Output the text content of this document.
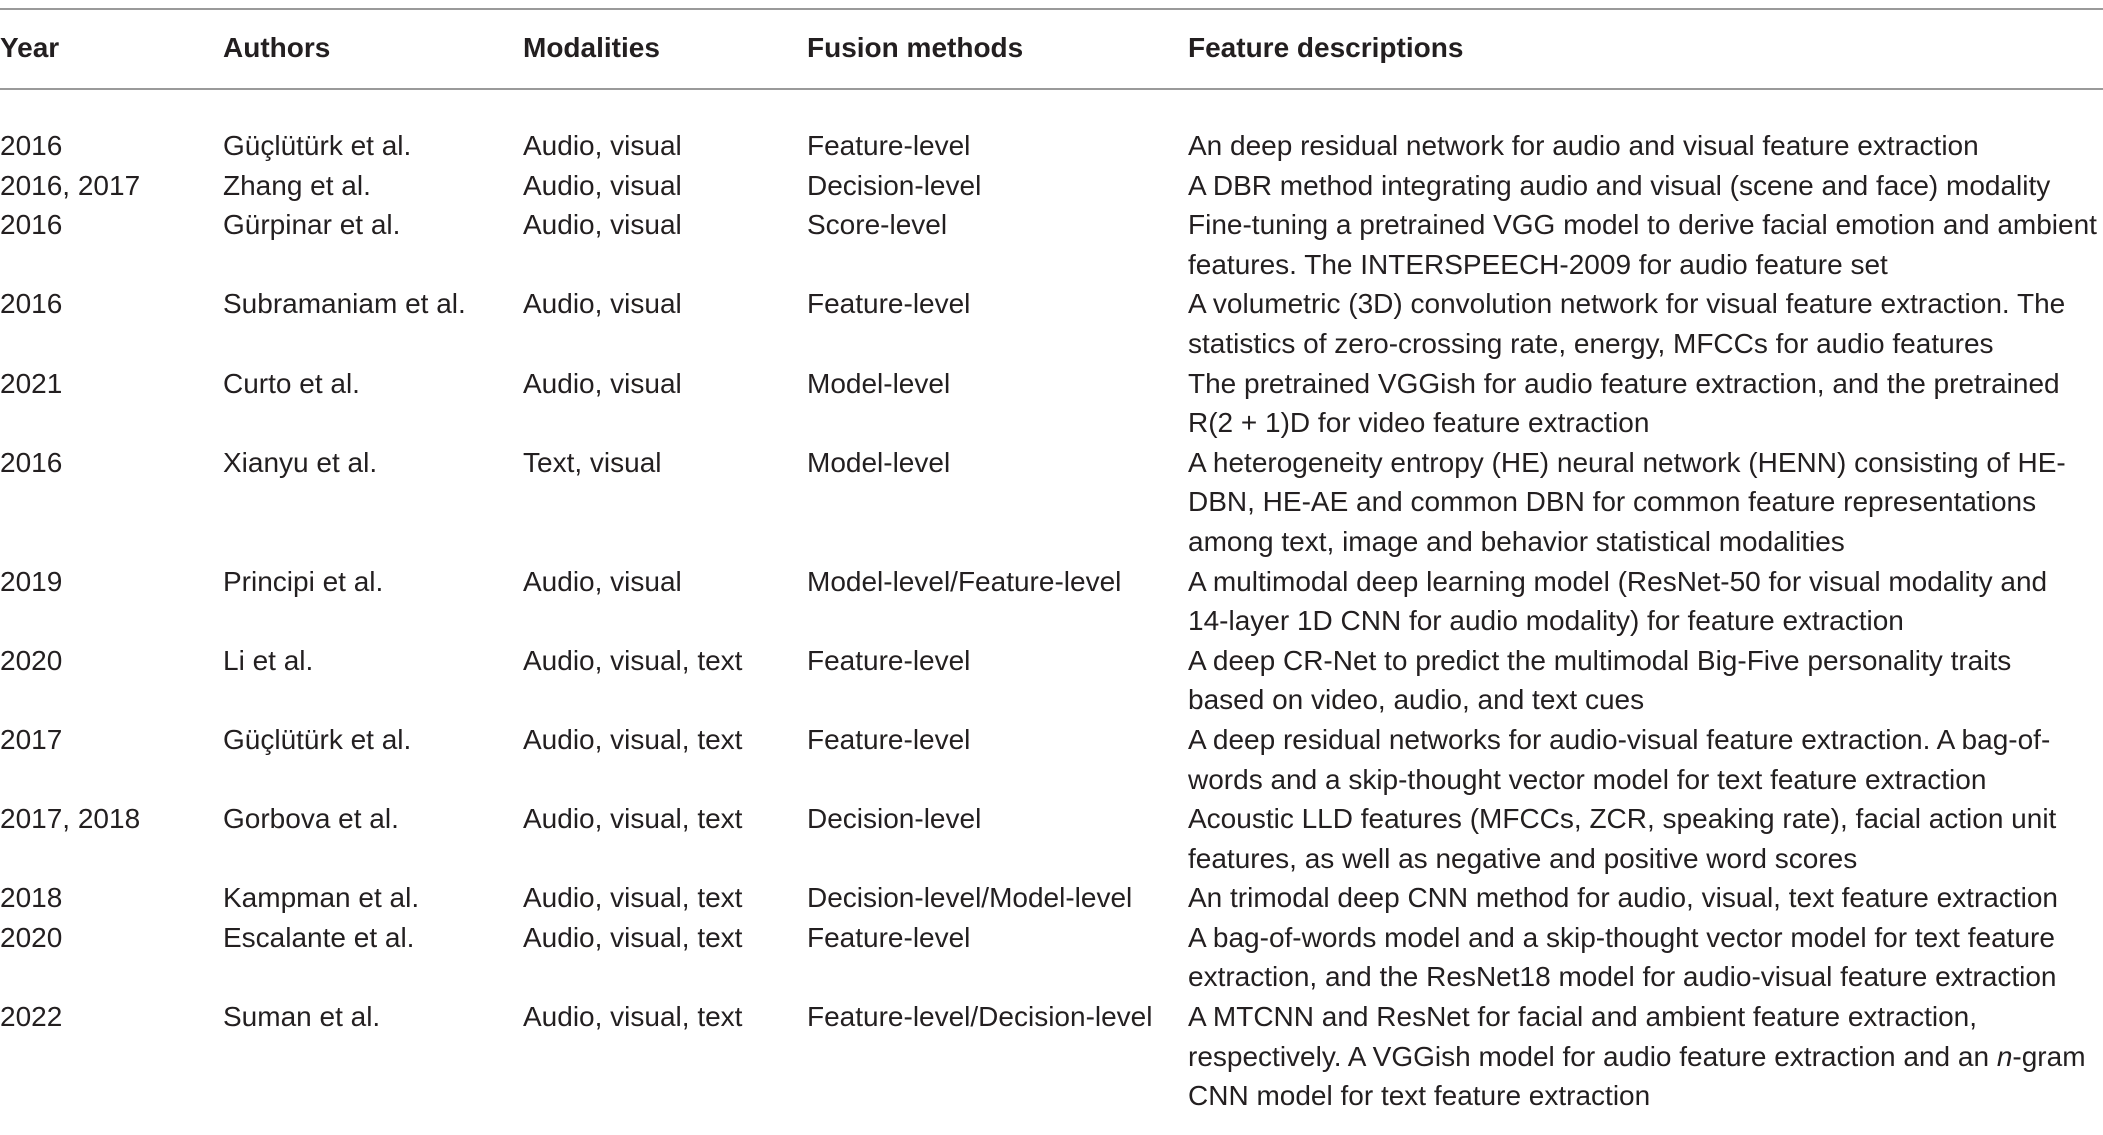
Year	Authors	Modalities	Fusion methods	Feature descriptions

2016	Güçlütürk et al.	Audio, visual	Feature-level	An deep residual network for audio and visual feature extraction

2016, 2017	Zhang et al.	Audio, visual	Decision-level	A DBR method integrating audio and visual (scene and face) modality

2016	Gürpinar et al.	Audio, visual	Score-level	Fine-tuning a pretrained VGG model to derive facial emotion and ambient
features. The INTERSPEECH-2009 for audio feature set

2016	Subramaniam et al.	Audio, visual	Feature-level	A volumetric (3D) convolution network for visual feature extraction. The
statistics of zero-crossing rate, energy, MFCCs for audio features

2021	Curto et al.	Audio, visual	Model-level	The pretrained VGGish for audio feature extraction, and the pretrained
R(2 + 1)D for video feature extraction

2016	Xianyu et al.	Text, visual	Model-level	A heterogeneity entropy (HE) neural network (HENN) consisting of HE-
DBN, HE-AE and common DBN for common feature representations
among text, image and behavior statistical modalities

2019	Principi et al.	Audio, visual	Model-level/Feature-level	A multimodal deep learning model (ResNet-50 for visual modality and
14-layer 1D CNN for audio modality) for feature extraction

2020	Li et al.	Audio, visual, text	Feature-level	A deep CR-Net to predict the multimodal Big-Five personality traits
based on video, audio, and text cues

2017	Güçlütürk et al.	Audio, visual, text	Feature-level	A deep residual networks for audio-visual feature extraction. A bag-of-
words and a skip-thought vector model for text feature extraction

2017, 2018	Gorbova et al.	Audio, visual, text	Decision-level	Acoustic LLD features (MFCCs, ZCR, speaking rate), facial action unit
features, as well as negative and positive word scores

2018	Kampman et al.	Audio, visual, text	Decision-level/Model-level	An trimodal deep CNN method for audio, visual, text feature extraction

2020	Escalante et al.	Audio, visual, text	Feature-level	A bag-of-words model and a skip-thought vector model for text feature
extraction, and the ResNet18 model for audio-visual feature extraction

2022	Suman et al.	Audio, visual, text	Feature-level/Decision-level	A MTCNN and ResNet for facial and ambient feature extraction,
respectively. A VGGish model for audio feature extraction and an n-gram
CNN model for text feature extraction
